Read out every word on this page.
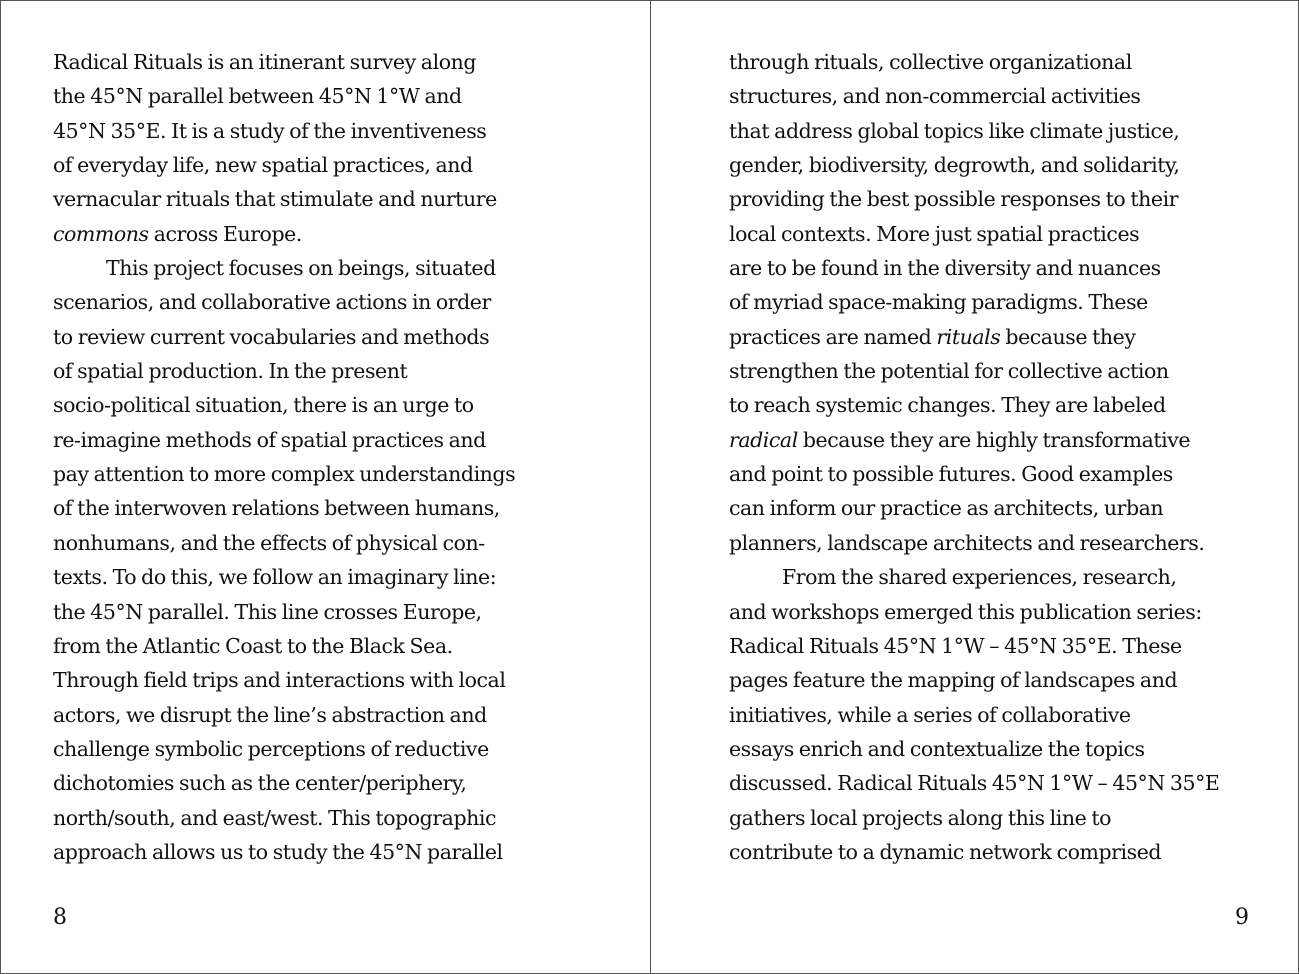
Radical Rituals is an itinerant survey along
the 45°N parallel between 45°N 1°W and
45°N 35°E. It is a study of the inventiveness
of everyday life, new spatial practices, and
vernacular rituals that stimulate and nurture
commons across Europe.
This project focuses on beings, situated
scenarios, and collaborative actions in order
to review current vocabularies and methods
of spatial production. In the present
socio-political situation, there is an urge to
re-imagine methods of spatial practices and
pay attention to more complex understandings
of the interwoven relations between humans,
nonhumans, and the effects of physical con-
texts. To do this, we follow an imaginary line:
the 45°N parallel. This line crosses Europe,
from the Atlantic Coast to the Black Sea.
Through field trips and interactions with local
actors, we disrupt the line’s abstraction and
challenge symbolic perceptions of reductive
dichotomies such as the center/periphery,
north/south, and east/west. This topographic
approach allows us to study the 45°N parallel
8
through rituals, collective organizational
structures, and non-commercial activities
that address global topics like climate justice,
gender, biodiversity, degrowth, and solidarity,
providing the best possible responses to their
local contexts. More just spatial practices
are to be found in the diversity and nuances
of myriad space-making paradigms. These
practices are named rituals because they
strengthen the potential for collective action
to reach systemic changes. They are labeled
radical because they are highly transformative
and point to possible futures. Good examples
can inform our practice as architects, urban
planners, landscape architects and researchers.
From the shared experiences, research,
and workshops emerged this publication series:
Radical Rituals 45°N 1°W – 45°N 35°E. These
pages feature the mapping of landscapes and
initiatives, while a series of collaborative
essays enrich and contextualize the topics
discussed. Radical Rituals 45°N 1°W – 45°N 35°E
gathers local projects along this line to
contribute to a dynamic network comprised
9
